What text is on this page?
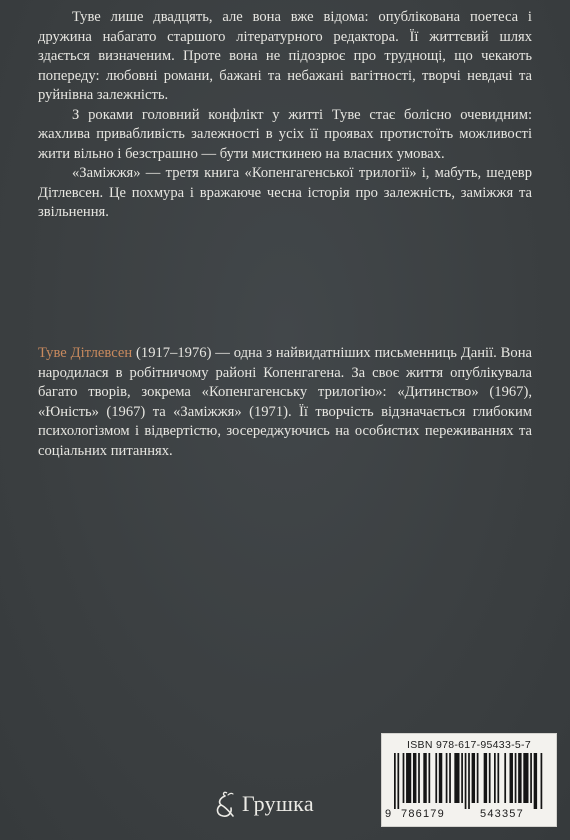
Туве лише двадцять, але вона вже відома: опублікована поетеса і дружина набагато старшого літературного редактора. Її життєвий шлях здається визначеним. Проте вона не підозрює про труднощі, що чекають попереду: любовні романи, бажані та небажані вагітності, творчі невдачі та руйнівна залежність.

З роками головний конфлікт у житті Туве стає болісно очевидним: жахлива привабливість залежності в усіх її проявах протистоїть можливості жити вільно і безстрашно — бути мисткинею на власних умовах.

«Заміжжя» — третя книга «Копенгагенської трилогії» і, мабуть, шедевр Дітлевсен. Це похмура і вражаюче чесна історія про залежність, заміжжя та звільнення.

Туве Дітлевсен (1917–1976) — одна з найвидатніших письменниць Данії. Вона народилася в робітничому районі Копенгагена. За своє життя опублікувала багато творів, зокрема «Копенгагенську трилогію»: «Дитинство» (1967), «Юність» (1967) та «Заміжжя» (1971). Її творчість відзначається глибоким психологізмом і відвертістю, зосереджуючись на особистих переживаннях та соціальних питаннях.

ISBN 978-617-95433-5-7
9 786179	543357
Грушка
